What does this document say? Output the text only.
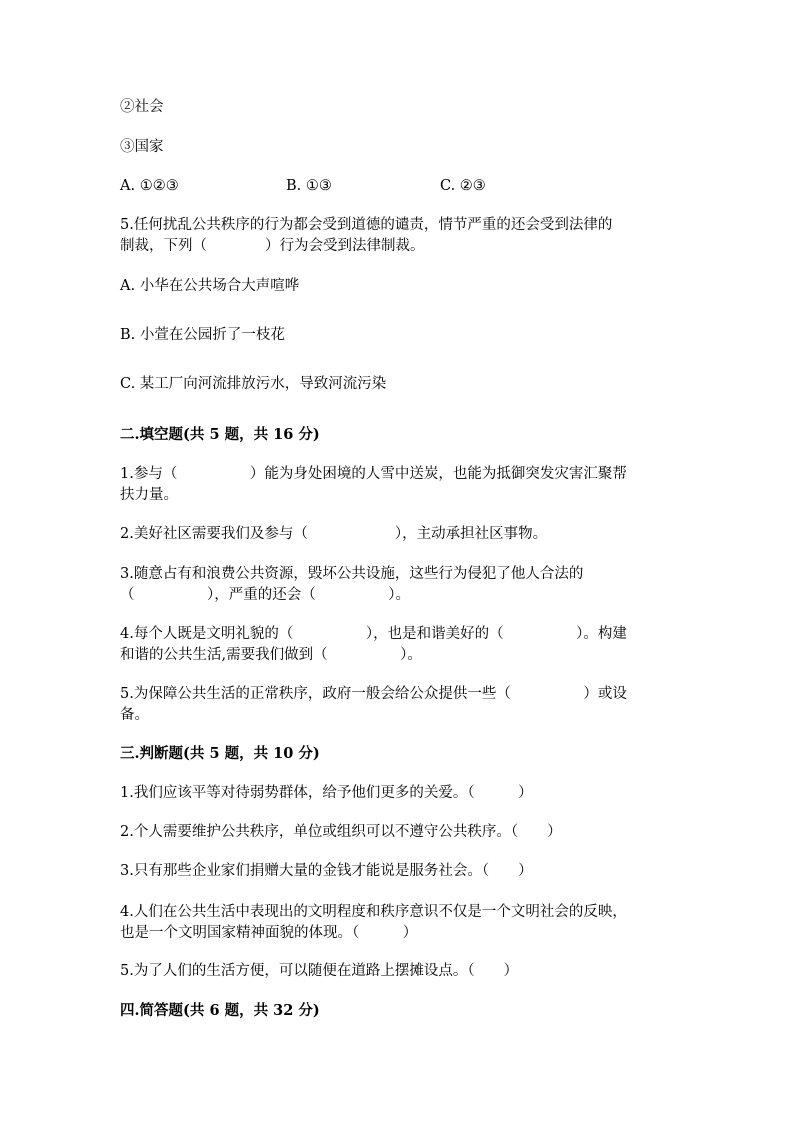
②社会
③国家
A. ①②③	B. ①③	C. ②③
5.任何扰乱公共秩序的行为都会受到道德的谴责，情节严重的还会受到法律的
制裁，下列（　　　　）行为会受到法律制裁。
A. 小华在公共场合大声喧哗
B. 小萱在公园折了一枝花
C. 某工厂向河流排放污水，导致河流污染
二.填空题(共 5 题，共 16 分)
1.参与（　　　　　）能为身处困境的人雪中送炭，也能为抵御突发灾害汇聚帮
扶力量。
2.美好社区需要我们及参与（　　　　　　），主动承担社区事物。
3.随意占有和浪费公共资源，毁坏公共设施，这些行为侵犯了他人合法的
（　　　　　），严重的还会（　　　　　）。
4.每个人既是文明礼貌的（　　　　　），也是和谐美好的（　　　　　）。构建
和谐的公共生活,需要我们做到（　　　　　）。
5.为保障公共生活的正常秩序，政府一般会给公众提供一些（　　　　　）或设
备。
三.判断题(共 5 题，共 10 分)
1.我们应该平等对待弱势群体，给予他们更多的关爱。（　　　）
2.个人需要维护公共秩序，单位或组织可以不遵守公共秩序。（　　）
3.只有那些企业家们捐赠大量的金钱才能说是服务社会。（　　）
4.人们在公共生活中表现出的文明程度和秩序意识不仅是一个文明社会的反映，
也是一个文明国家精神面貌的体现。（　　　）
5.为了人们的生活方便，可以随便在道路上摆摊设点。（　　）
四.简答题(共 6 题，共 32 分)
